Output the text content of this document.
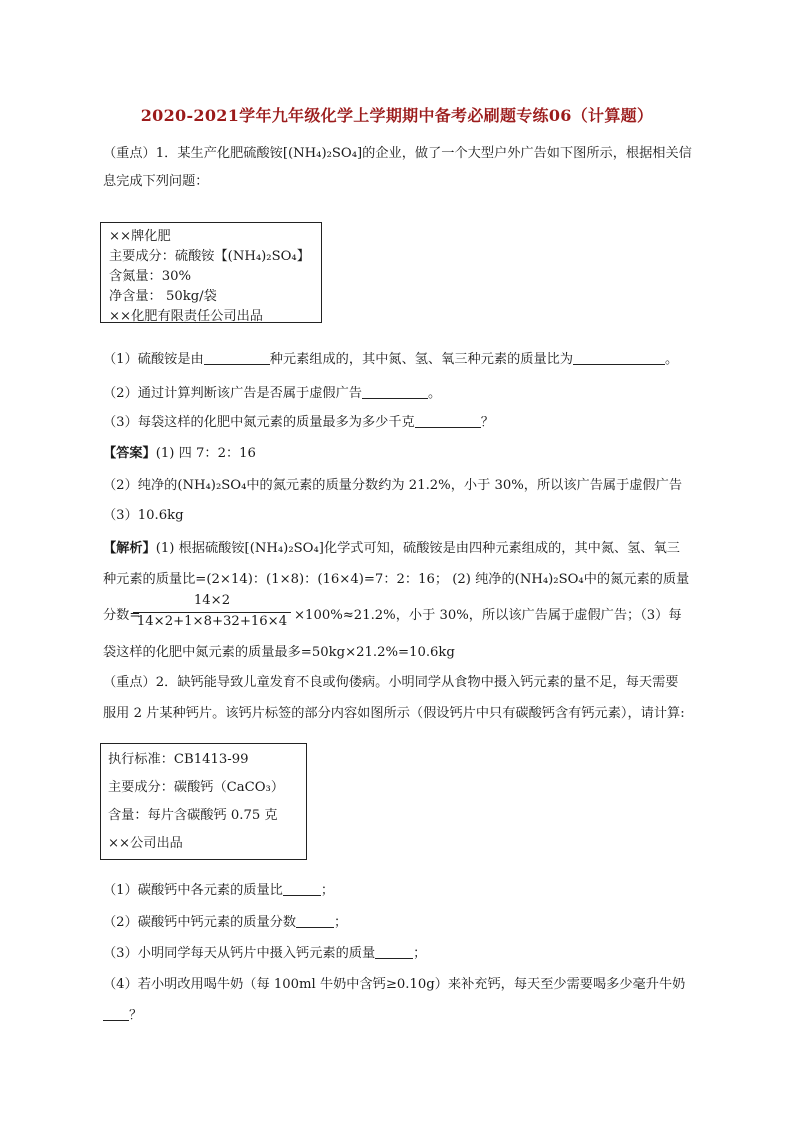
2020-2021学年九年级化学上学期期中备考必刷题专练06（计算题）
（重点）1．某生产化肥硫酸铵[(NH₄)₂SO₄]的企业，做了一个大型户外广告如下图所示，根据相关信
息完成下列问题：
××牌化肥
主要成分：硫酸铵【(NH₄)₂SO₄】
含氮量：30%
净含量： 50kg/袋
××化肥有限责任公司出品
（1）硫酸铵是由	种元素组成的，其中氮、氢、氧三种元素的质量比为	。
（2）通过计算判断该广告是否属于虚假广告	。
（3）每袋这样的化肥中氮元素的质量最多为多少千克	？
【答案】(1) 四 7：2：16
（2）纯净的(NH₄)₂SO₄中的氮元素的质量分数约为 21.2%，小于 30%，所以该广告属于虚假广告
（3）10.6kg
【解析】(1) 根据硫酸铵[(NH₄)₂SO₄]化学式可知，硫酸铵是由四种元素组成的，其中氮、氢、氧三
种元素的质量比=(2×14)：(1×8)：(16×4)=7：2：16； (2) 纯净的(NH₄)₂SO₄中的氮元素的质量
分数=
14×2
14×2+1×8+32+16×4 ×100%≈21.2%，小于 30%，所以该广告属于虚假广告；（3）每
袋这样的化肥中氮元素的质量最多=50kg×21.2%=10.6kg
（重点）2．缺钙能导致儿童发育不良或佝偻病。小明同学从食物中摄入钙元素的量不足，每天需要
服用 2 片某种钙片。该钙片标签的部分内容如图所示（假设钙片中只有碳酸钙含有钙元素），请计算:
执行标准：CB1413-99
主要成分：碳酸钙（CaCO₃）
含量：每片含碳酸钙 0.75 克
××公司出品
（1）碳酸钙中各元素的质量比	；
（2）碳酸钙中钙元素的质量分数	；
（3）小明同学每天从钙片中摄入钙元素的质量	；
（4）若小明改用喝牛奶（每 100ml 牛奶中含钙≥0.10g）来补充钙，每天至少需要喝多少毫升牛奶
？
